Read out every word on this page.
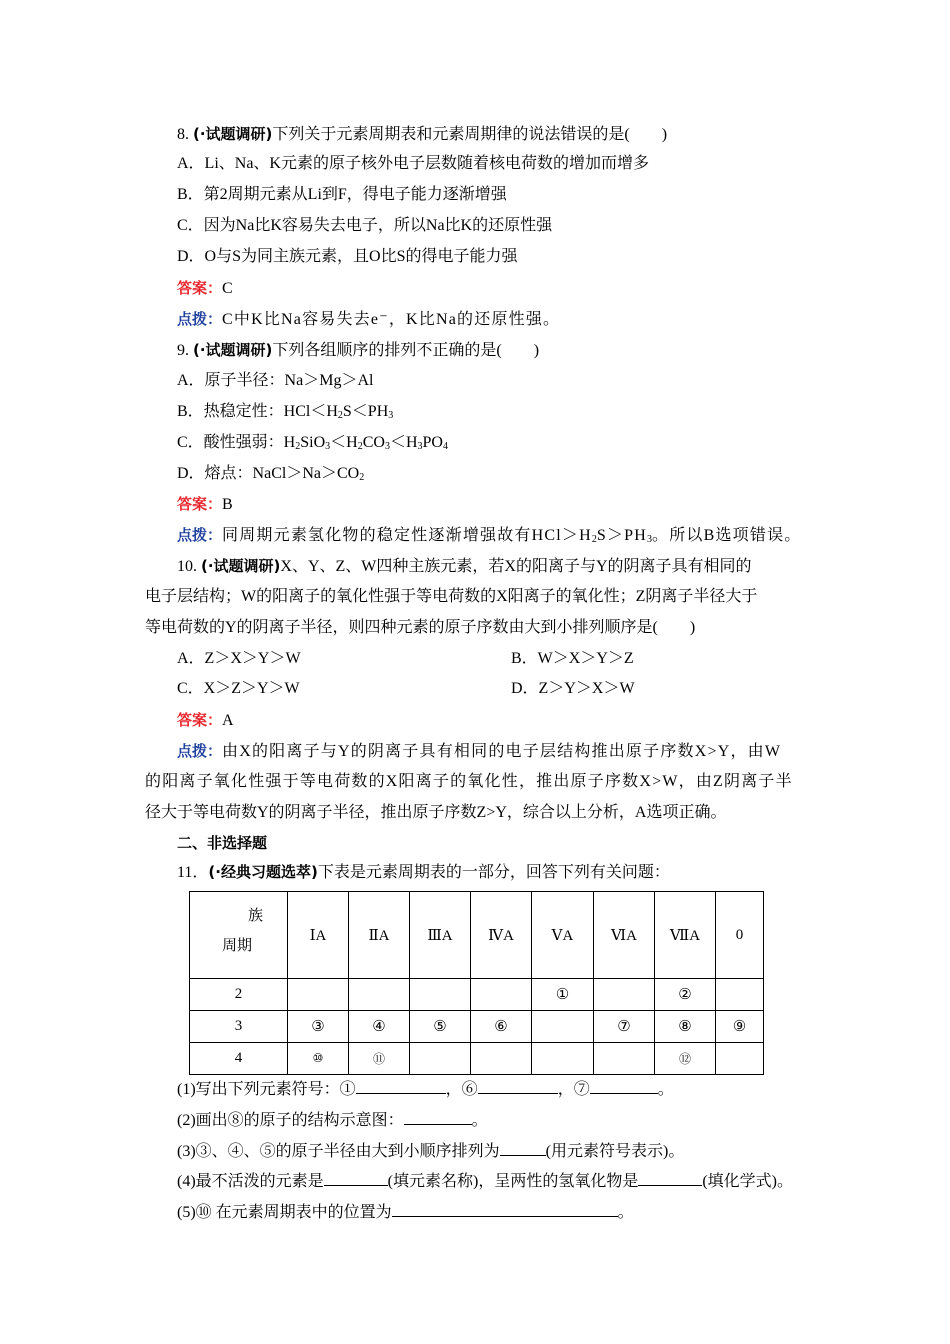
8. (·试题调研)下列关于元素周期表和元素周期律的说法错误的是(　　)
A．Li、Na、K元素的原子核外电子层数随着核电荷数的增加而增多
B．第2周期元素从Li到F，得电子能力逐渐增强
C．因为Na比K容易失去电子，所以Na比K的还原性强
D．O与S为同主族元素，且O比S的得电子能力强
答案：C
点拨：C中K比Na容易失去e⁻，K比Na的还原性强。
9. (·试题调研)下列各组顺序的排列不正确的是(　　)
A．原子半径：Na＞Mg＞Al
B．热稳定性：$HCl<H_2S<PH_3$
C．酸性强弱：$H_2SiO_3<H_2CO_3<H_3PO_4$
D．熔点：$NaCl>Na>CO_2$
答案：B
点拨：同周期元素氢化物的稳定性逐渐增强故有$HCl>H_2S>PH_3$。所以B选项错误。
10. (·试题调研)X、Y、Z、W四种主族元素，若X的阳离子与Y的阴离子具有相同的
电子层结构；W的阳离子的氧化性强于等电荷数的X阳离子的氧化性；Z阴离子半径大于
等电荷数的Y的阴离子半径，则四种元素的原子序数由大到小排列顺序是(　　)
A．Z＞X＞Y＞W	B．W＞X＞Y＞Z
C．X＞Z＞Y＞W	D．Z＞Y＞X＞W
答案：A
点拨：由X的阳离子与Y的阴离子具有相同的电子层结构推出原子序数X>Y，由W
的阳离子氧化性强于等电荷数的X阳离子的氧化性，推出原子序数X>W，由Z阴离子半
径大于等电荷数Y的阴离子半径，推出原子序数Z>Y，综合以上分析，A选项正确。
二、非选择题
11．(·经典习题选萃)下表是元素周期表的一部分，回答下列有关问题：
族
周期	ⅠA	ⅡA	ⅢA	ⅣA	ⅤA	ⅥA	ⅦA	0
2					①		②	
3	③	④	⑤	⑥		⑦	⑧	⑨
4	⑩	⑪					⑫	
(1)写出下列元素符号：①	，⑥	，⑦	。
(2)画出⑧的原子的结构示意图：	。
(3)③、④、⑤的原子半径由大到小顺序排列为	(用元素符号表示)。
(4)最不活泼的元素是	(填元素名称)，呈两性的氢氧化物是	(填化学式)。
(5)⑩ 在元素周期表中的位置为	。
